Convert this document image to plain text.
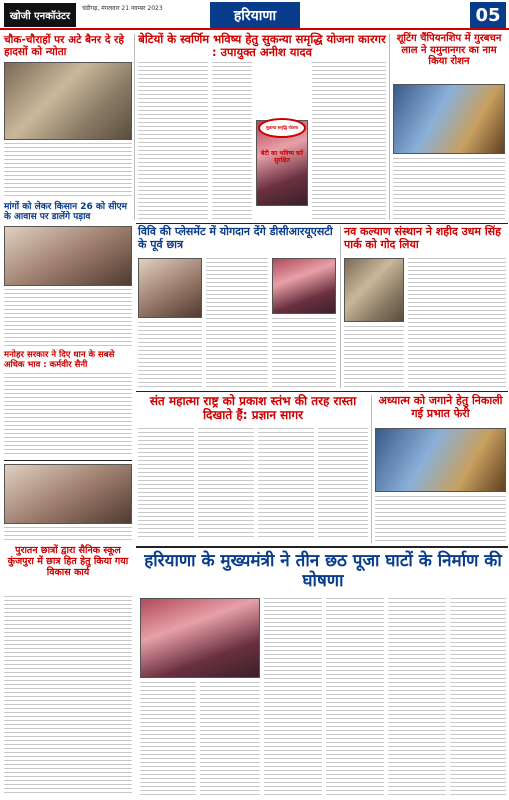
खोजी एनकॉउंटर
चंडीगढ़, मंगलवार 21 नवम्बर 2023	हरियाणा	05
चौक-चौराहों पर अटे बैनर दे रहे हादसों को न्योता
मांगों को लेकर किसान 26 को सीएम के आवास पर डालेंगे पड़ाव
मनोहर सरकार ने दिए धान के सबसे अधिक भाव : कर्मवीर सैनी
बेटियों के स्वर्णिम भविष्य हेतु सुकन्या समृद्धि योजना कारगर : उपायुक्त अनीश यादव
सुकन्या समृद्धि योजना
बेटी का भविष्य करें सुरक्षित
शूटिंग चैंपियनशिप में गुरबचन लाल ने यमुनानगर का नाम किया रोशन
विवि की प्लेसमेंट में योगदान देंगे डीसीआरयूएसटी के पूर्व छात्र
नव कल्याण संस्थान ने शहीद उधम सिंह पार्क को गोद लिया
संत महात्मा राष्ट्र को प्रकाश स्तंभ की तरह रास्ता दिखाते हैं: प्रज्ञान सागर
अध्यात्म को जगाने हेतु निकाली गई प्रभात फेरी
पुरातन छात्रों द्वारा सैनिक स्कूल कुंजपुरा में छात्र हित हेतु किया गया विकास कार्य
हरियाणा के मुख्यमंत्री ने तीन छठ पूजा घाटों के निर्माण की घोषणा
